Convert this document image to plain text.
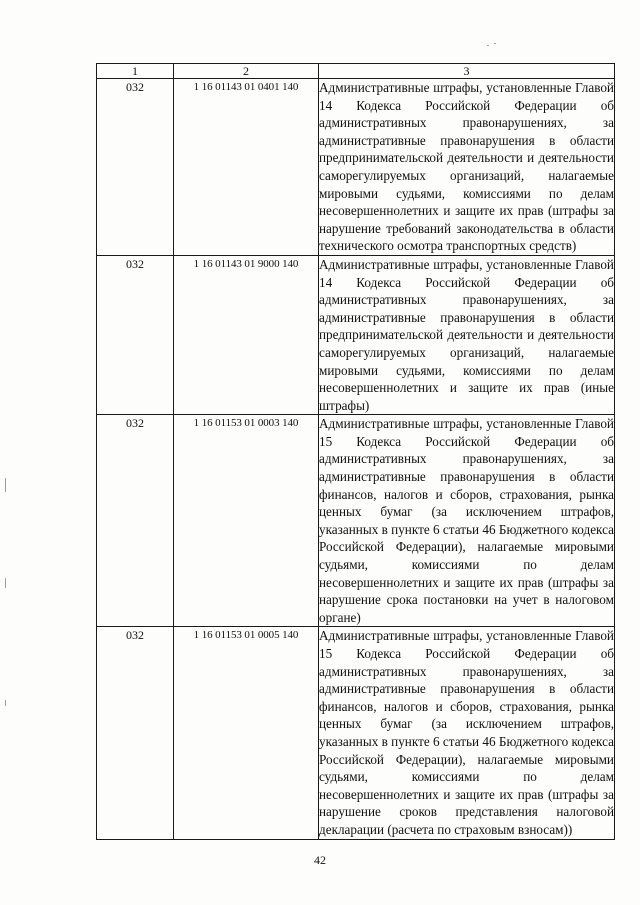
1	2	3
032	1 16 01143 01 0401 140	Административные штрафы, установленные Главой 14 Кодекса Российской Федерации об административных правонарушениях, за административные правонарушения в области предпринимательской деятельности и деятельности саморегулируемых организаций, налагаемые мировыми судьями, комиссиями по делам несовершеннолетних и защите их прав (штрафы за нарушение требований законодательства в области технического осмотра транспортных средств)
032	1 16 01143 01 9000 140	Административные штрафы, установленные Главой 14 Кодекса Российской Федерации об административных правонарушениях, за административные правонарушения в области предпринимательской деятельности и деятельности саморегулируемых организаций, налагаемые мировыми судьями, комиссиями по делам несовершеннолетних и защите их прав (иные штрафы)
032	1 16 01153 01 0003 140	Административные штрафы, установленные Главой 15 Кодекса Российской Федерации об административных правонарушениях, за административные правонарушения в области финансов, налогов и сборов, страхования, рынка ценных бумаг (за исключением штрафов, указанных в пункте 6 статьи 46 Бюджетного кодекса Российской Федерации), налагаемые мировыми судьями, комиссиями по делам несовершеннолетних и защите их прав (штрафы за нарушение срока постановки на учет в налоговом органе)
032	1 16 01153 01 0005 140	Административные штрафы, установленные Главой 15 Кодекса Российской Федерации об административных правонарушениях, за административные правонарушения в области финансов, налогов и сборов, страхования, рынка ценных бумаг (за исключением штрафов, указанных в пункте 6 статьи 46 Бюджетного кодекса Российской Федерации), налагаемые мировыми судьями, комиссиями по делам несовершеннолетних и защите их прав (штрафы за нарушение сроков представления налоговой декларации (расчета по страховым взносам))
42
